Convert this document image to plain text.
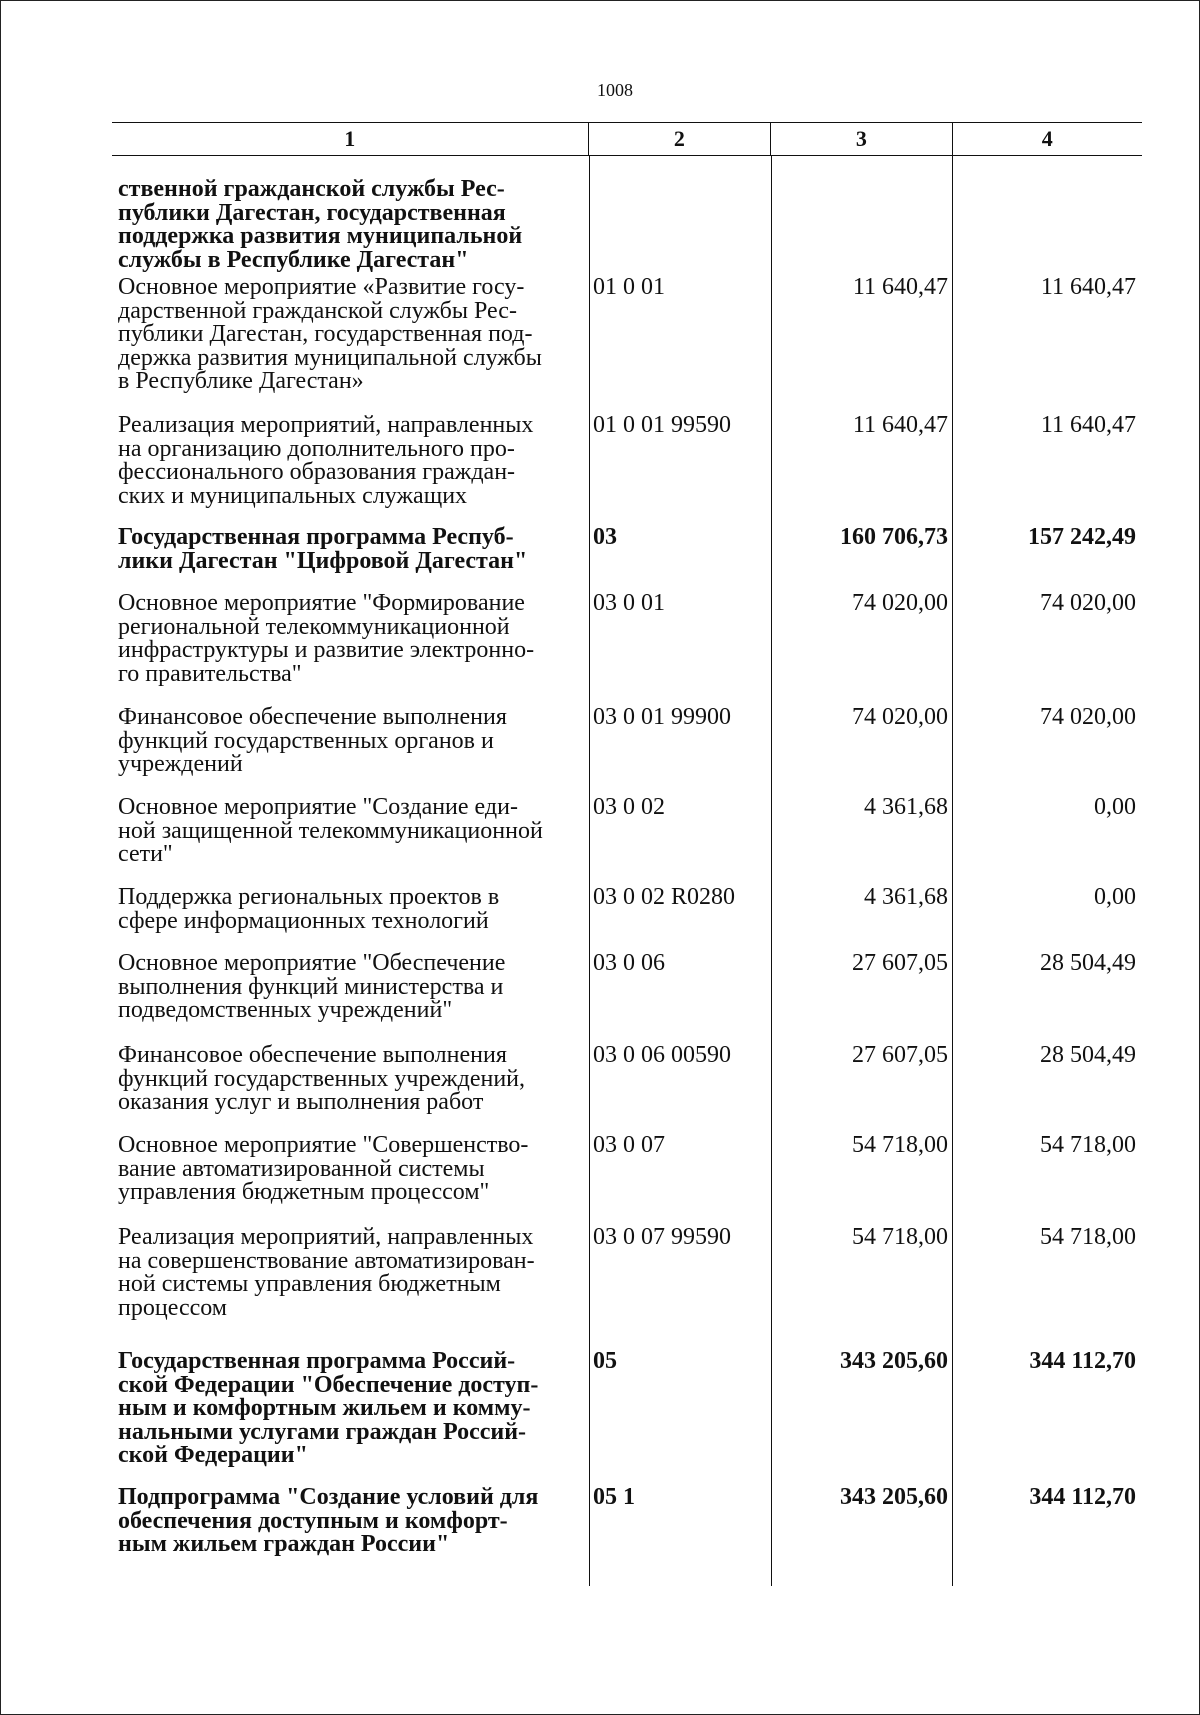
1008
1	2	3	4
ственной гражданской службы Рес-
публики Дагестан, государственная
поддержка развития муниципальной
службы в Республике Дагестан"
Основное мероприятие «Развитие госу-
дарственной гражданской службы Рес-
публики Дагестан, государственная под-
держка развития муниципальной службы
в Республике Дагестан»
01 0 01	11 640,47	11 640,47
Реализация мероприятий, направленных
на организацию дополнительного про-
фессионального образования граждан-
ских и муниципальных служащих
01 0 01 99590	11 640,47	11 640,47
Государственная программа Респуб-
лики Дагестан "Цифровой Дагестан"
03	160 706,73	157 242,49
Основное мероприятие "Формирование
региональной телекоммуникационной
инфраструктуры и развитие электронно-
го правительства"
03 0 01	74 020,00	74 020,00
Финансовое обеспечение выполнения
функций государственных органов и
учреждений
03 0 01 99900	74 020,00	74 020,00
Основное мероприятие "Создание еди-
ной защищенной телекоммуникационной
сети"
03 0 02	4 361,68	0,00
Поддержка региональных проектов в
сфере информационных технологий
03 0 02 R0280	4 361,68	0,00
Основное мероприятие "Обеспечение
выполнения функций министерства и
подведомственных учреждений"
03 0 06	27 607,05	28 504,49
Финансовое обеспечение выполнения
функций государственных учреждений,
оказания услуг и выполнения работ
03 0 06 00590	27 607,05	28 504,49
Основное мероприятие "Совершенство-
вание автоматизированной системы
управления бюджетным процессом"
03 0 07	54 718,00	54 718,00
Реализация мероприятий, направленных
на совершенствование автоматизирован-
ной системы управления бюджетным
процессом
03 0 07 99590	54 718,00	54 718,00
Государственная программа Россий-
ской Федерации "Обеспечение доступ-
ным и комфортным жильем и комму-
нальными услугами граждан Россий-
ской Федерации"
05	343 205,60	344 112,70
Подпрограмма "Создание условий для
обеспечения доступным и комфорт-
ным жильем граждан России"
05 1	343 205,60	344 112,70
